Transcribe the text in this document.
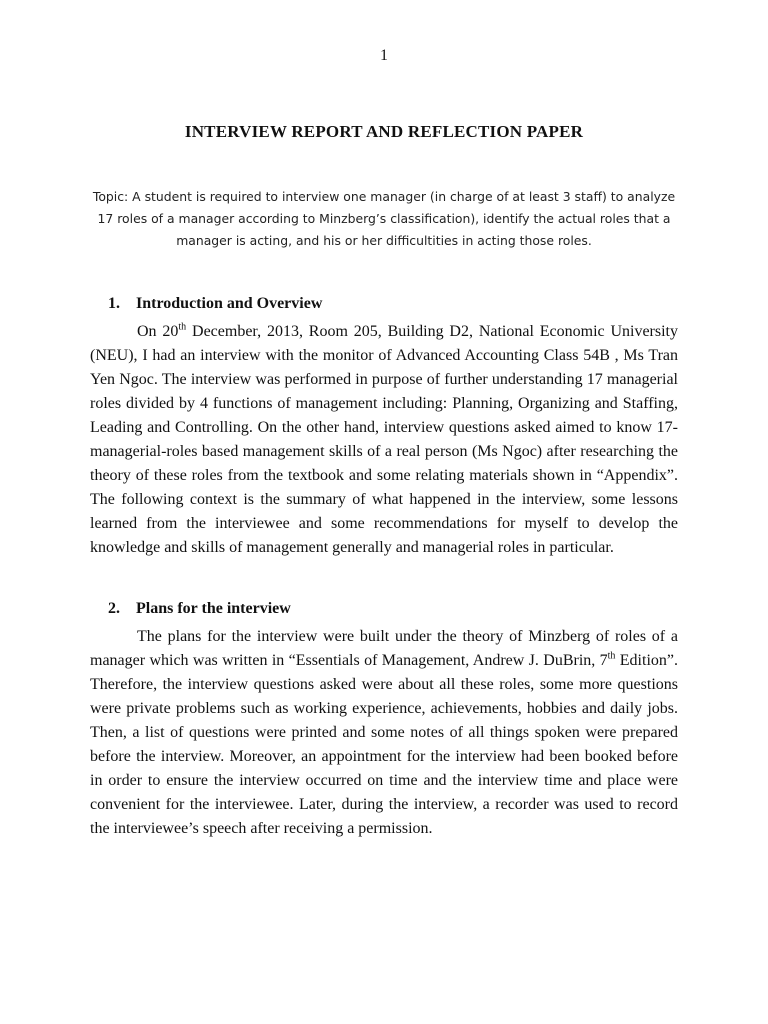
1
INTERVIEW REPORT AND REFLECTION PAPER
Topic: A student is required to interview one manager (in charge of at least 3 staff) to analyze 17 roles of a manager according to Minzberg’s classification), identify the actual roles that a manager is acting, and his or her difficultities in acting those roles.
1. Introduction and Overview

On 20th December, 2013, Room 205, Building D2, National Economic University (NEU), I had an interview with the monitor of Advanced Accounting Class 54B , Ms Tran Yen Ngoc. The interview was performed in purpose of further understanding 17 managerial roles divided by 4 functions of management including: Planning, Organizing and Staffing, Leading and Controlling. On the other hand, interview questions asked aimed to know 17-managerial-roles based management skills of a real person (Ms Ngoc) after researching the theory of these roles from the textbook and some relating materials shown in “Appendix”. The following context is the summary of what happened in the interview, some lessons learned from the interviewee and some recommendations for myself to develop the knowledge and skills of management generally and managerial roles in particular.

2. Plans for the interview

The plans for the interview were built under the theory of Minzberg of roles of a manager which was written in “Essentials of Management, Andrew J. DuBrin, 7th Edition”. Therefore, the interview questions asked were about all these roles, some more questions were private problems such as working experience, achievements, hobbies and daily jobs. Then, a list of questions were printed and some notes of all things spoken were prepared before the interview. Moreover, an appointment for the interview had been booked before in order to ensure the interview occurred on time and the interview time and place were convenient for the interviewee. Later, during the interview, a recorder was used to record the interviewee’s speech after receiving a permission.
